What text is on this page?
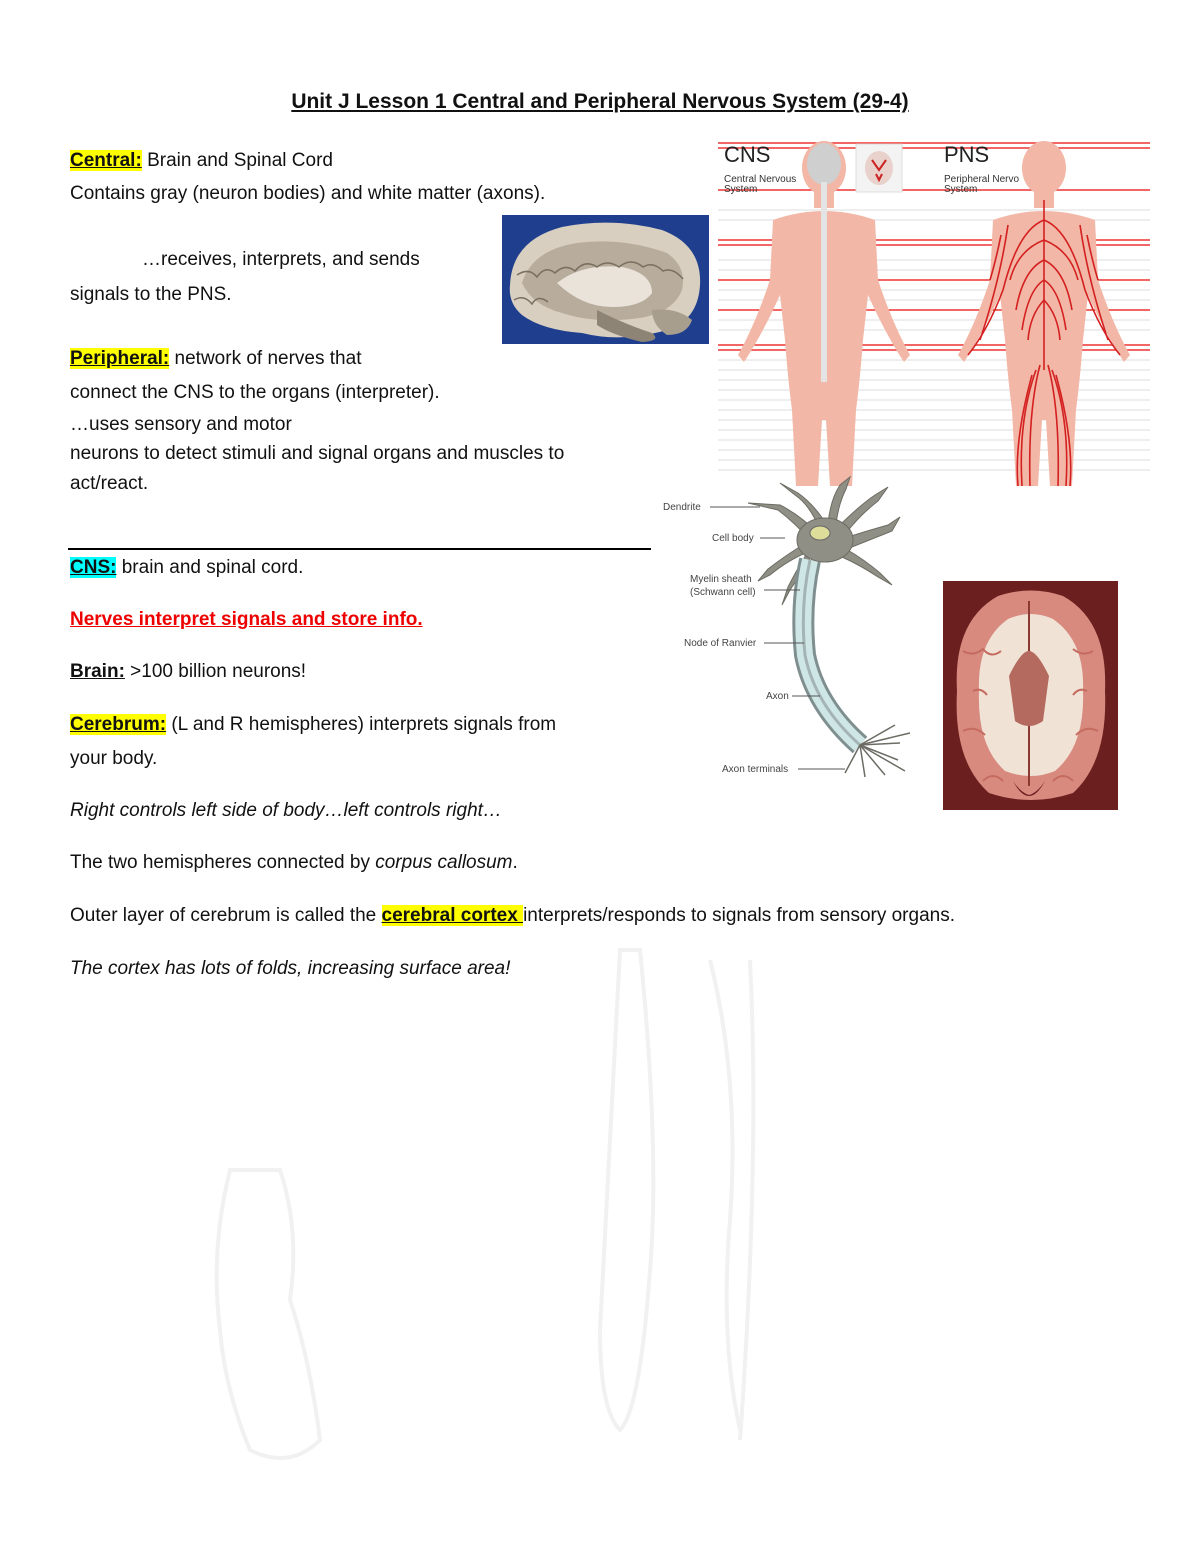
Unit J Lesson 1 Central and Peripheral Nervous System (29-4)
Central: Brain and Spinal Cord
Contains gray (neuron bodies) and white matter (axons).
…receives, interprets, and sends
signals to the PNS.
Peripheral: network of nerves that
connect the CNS to the organs (interpreter).
…uses sensory and motor
neurons to detect stimuli and signal organs and muscles to
act/react.
CNS: brain and spinal cord.
Nerves interpret signals and store info.
Brain: >100 billion neurons!
Cerebrum: (L and R hemispheres) interprets signals from
your body.
Right controls left side of body…left controls right…
The two hemispheres connected by corpus callosum.
Outer layer of cerebrum is called the cerebral cortex interprets/responds to signals from sensory organs.
The cortex has lots of folds, increasing surface area!
CNS
Central Nervous
System
PNS
Peripheral Nervo
System
Dendrite
Cell body
Myelin sheath
(Schwann cell)
Node of Ranvier
Axon
Axon terminals
